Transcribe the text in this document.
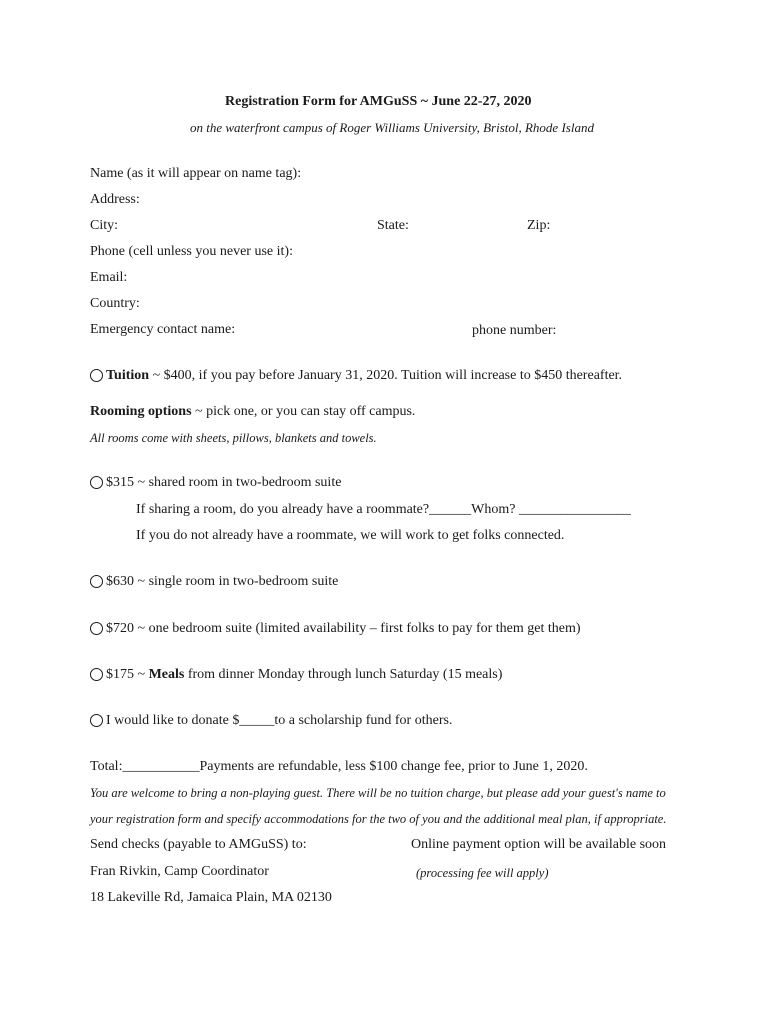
Registration Form for AMGuSS ~ June 22-27, 2020
on the waterfront campus of Roger Williams University, Bristol, Rhode Island
Name (as it will appear on name tag):
Address:
City:	State:	Zip:
Phone (cell unless you never use it):
Email:
Country:
Emergency contact name:	phone number:
Tuition ~ $400, if you pay before January 31, 2020. Tuition will increase to $450 thereafter.
Rooming options ~ pick one, or you can stay off campus.
All rooms come with sheets, pillows, blankets and towels.
$315 ~ shared room in two-bedroom suite
If sharing a room, do you already have a roommate?______Whom? ________________
If you do not already have a roommate, we will work to get folks connected.
$630 ~ single room in two-bedroom suite
$720 ~ one bedroom suite (limited availability – first folks to pay for them get them)
$175 ~ Meals from dinner Monday through lunch Saturday (15 meals)
I would like to donate $_____to a scholarship fund for others.
Total:___________Payments are refundable, less $100 change fee, prior to June 1, 2020.
You are welcome to bring a non-playing guest. There will be no tuition charge, but please add your guest's name to
your registration form and specify accommodations for the two of you and the additional meal plan, if appropriate.
Send checks (payable to AMGuSS) to:	Online payment option will be available soon
Fran Rivkin, Camp Coordinator	(processing fee will apply)
18 Lakeville Rd, Jamaica Plain, MA 02130
